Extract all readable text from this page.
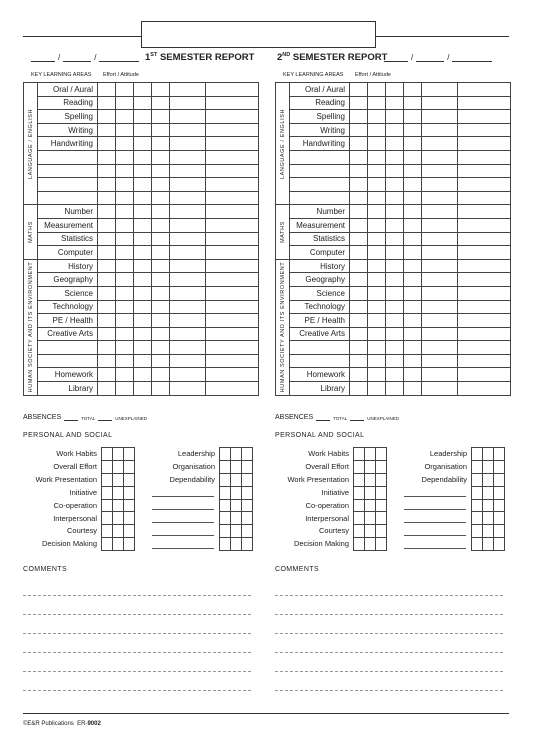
/	/	1ST SEMESTER REPORT
KEY LEARNING AREAS Effort / Attitude
LANGUAGE / ENGLISH	Oral / Aural						
	Reading						
	Spelling						
	Writing						
	Handwriting						

MATHS	Number						
	Measurement						
	Statistics						
	Computer						

HUMAN SOCIETY AND ITS ENVIRONMENT	History						
	Geography						
	Science						
	Technology						
	PE / Health						
	Creative Arts						

	Homework						
	Library						
ABSENCES	TOTAL	UNEXPLAINED
PERSONAL AND SOCIAL
Work Habits
Overall Effort
Work Presentation
Initiative
Co-operation
Interpersonal
Courtesy
Decision Making

Leadership
Organisation
Dependability

COMMENTS
/	/
2ND SEMESTER REPORT
KEY LEARNING AREAS Effort / Attitude
LANGUAGE / ENGLISH	Oral / Aural						
	Reading						
	Spelling						
	Writing						
	Handwriting						

MATHS	Number						
	Measurement						
	Statistics						
	Computer						

HUMAN SOCIETY AND ITS ENVIRONMENT	History						
	Geography						
	Science						
	Technology						
	PE / Health						
	Creative Arts						

	Homework						
	Library						
ABSENCES	TOTAL	UNEXPLAINED
PERSONAL AND SOCIAL
Work Habits
Overall Effort
Work Presentation
Initiative
Co-operation
Interpersonal
Courtesy
Decision Making

Leadership
Organisation
Dependability

COMMENTS
©E&R Publications ER-9002
